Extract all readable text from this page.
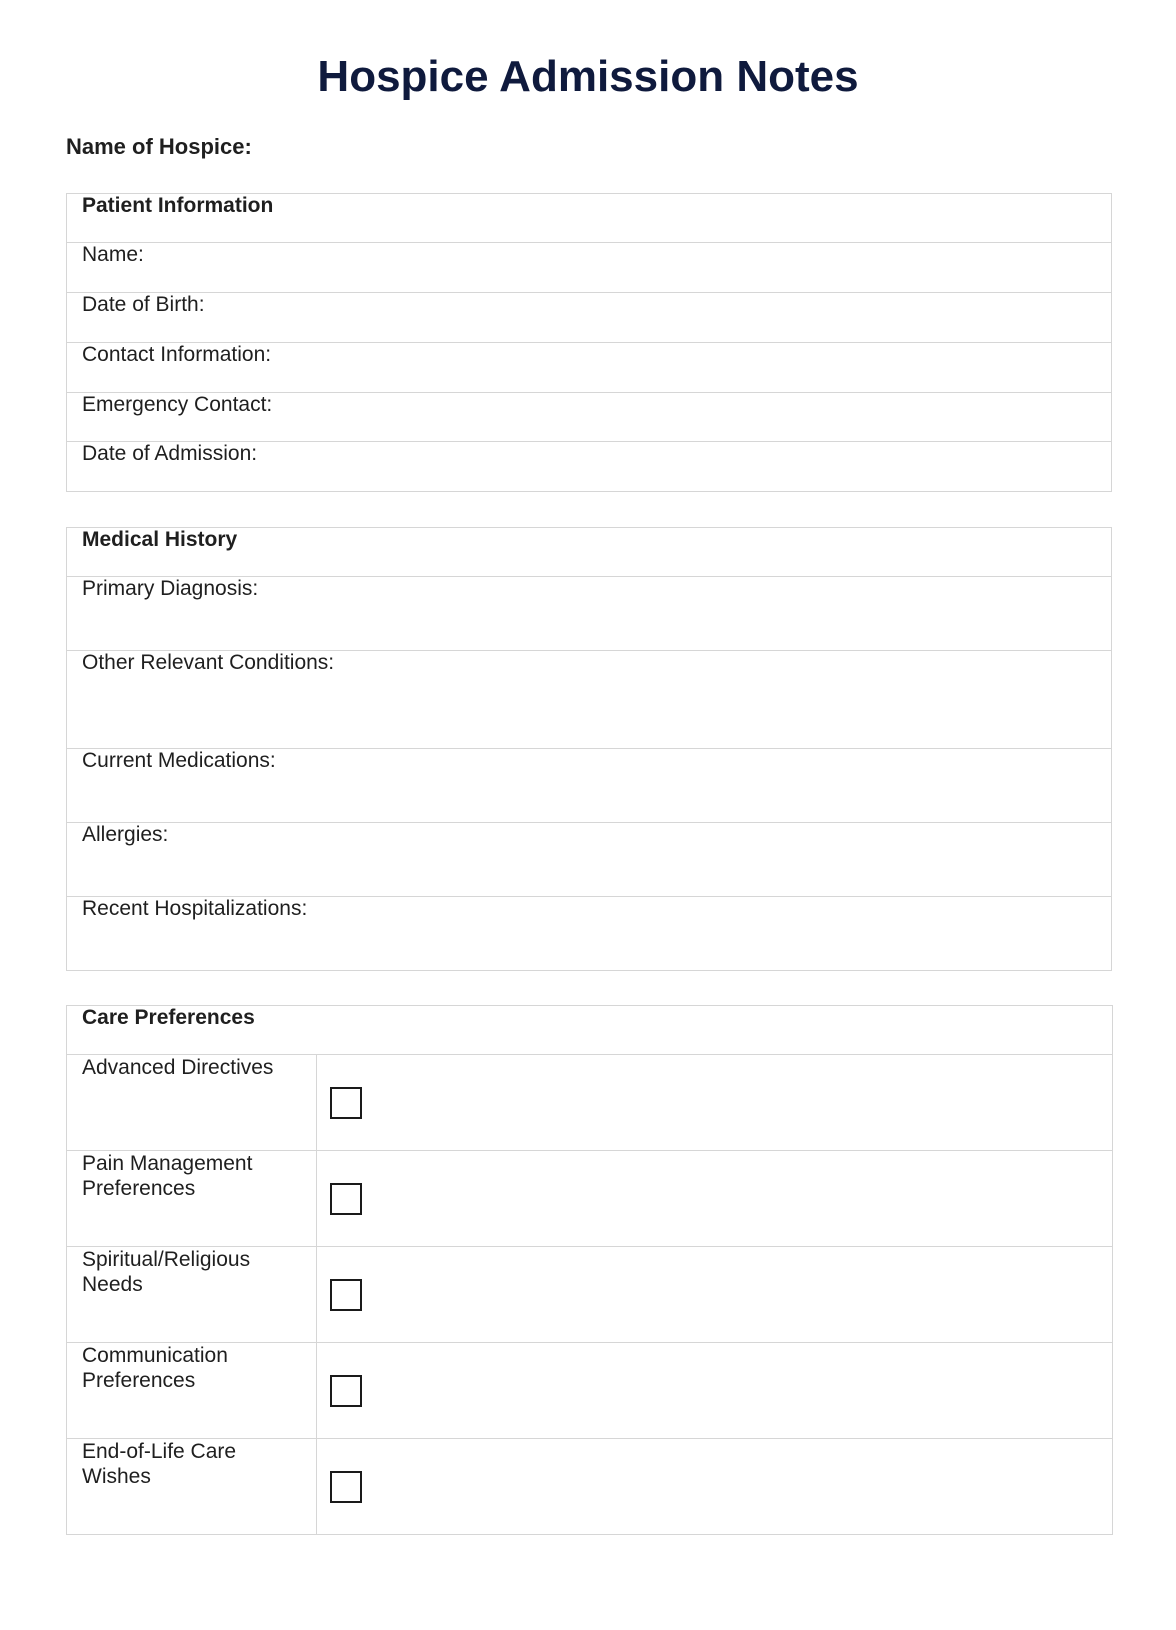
Hospice Admission Notes
Name of Hospice:
Patient Information
Name:
Date of Birth:
Contact Information:
Emergency Contact:
Date of Admission:
Medical History
Primary Diagnosis:
Other Relevant Conditions:
Current Medications:
Allergies:
Recent Hospitalizations:
Care Preferences	
Advanced Directives	

Pain Management
Preferences	

Spiritual/Religious
Needs	

Communication
Preferences	

End-of-Life Care
Wishes	
